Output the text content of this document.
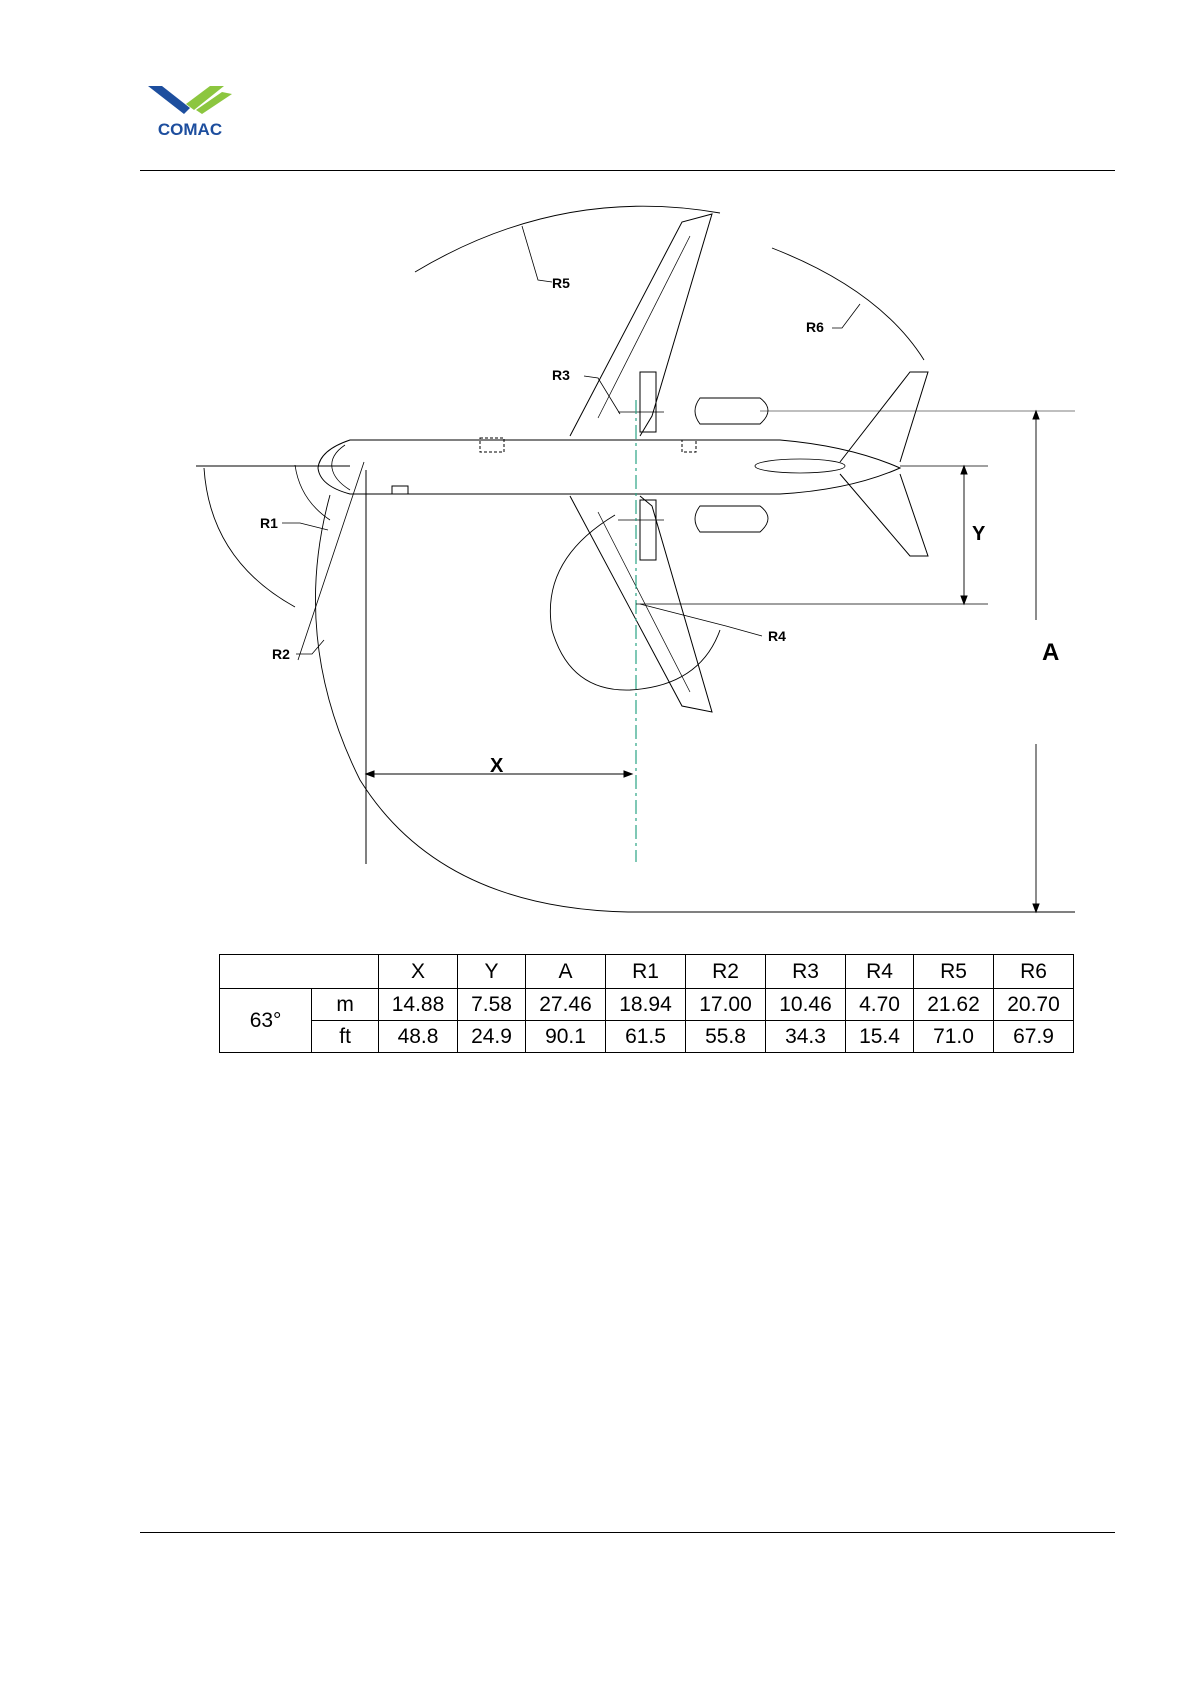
COMAC
R5
R6
R3
R4
R1
R2
X
Y
A
		X	Y	A	R1	R2	R3	R4	R5	R6
63°	m	14.88	7.58	27.46	18.94	17.00	10.46	4.70	21.62	20.70
	ft	48.8	24.9	90.1	61.5	55.8	34.3	15.4	71.0	67.9
